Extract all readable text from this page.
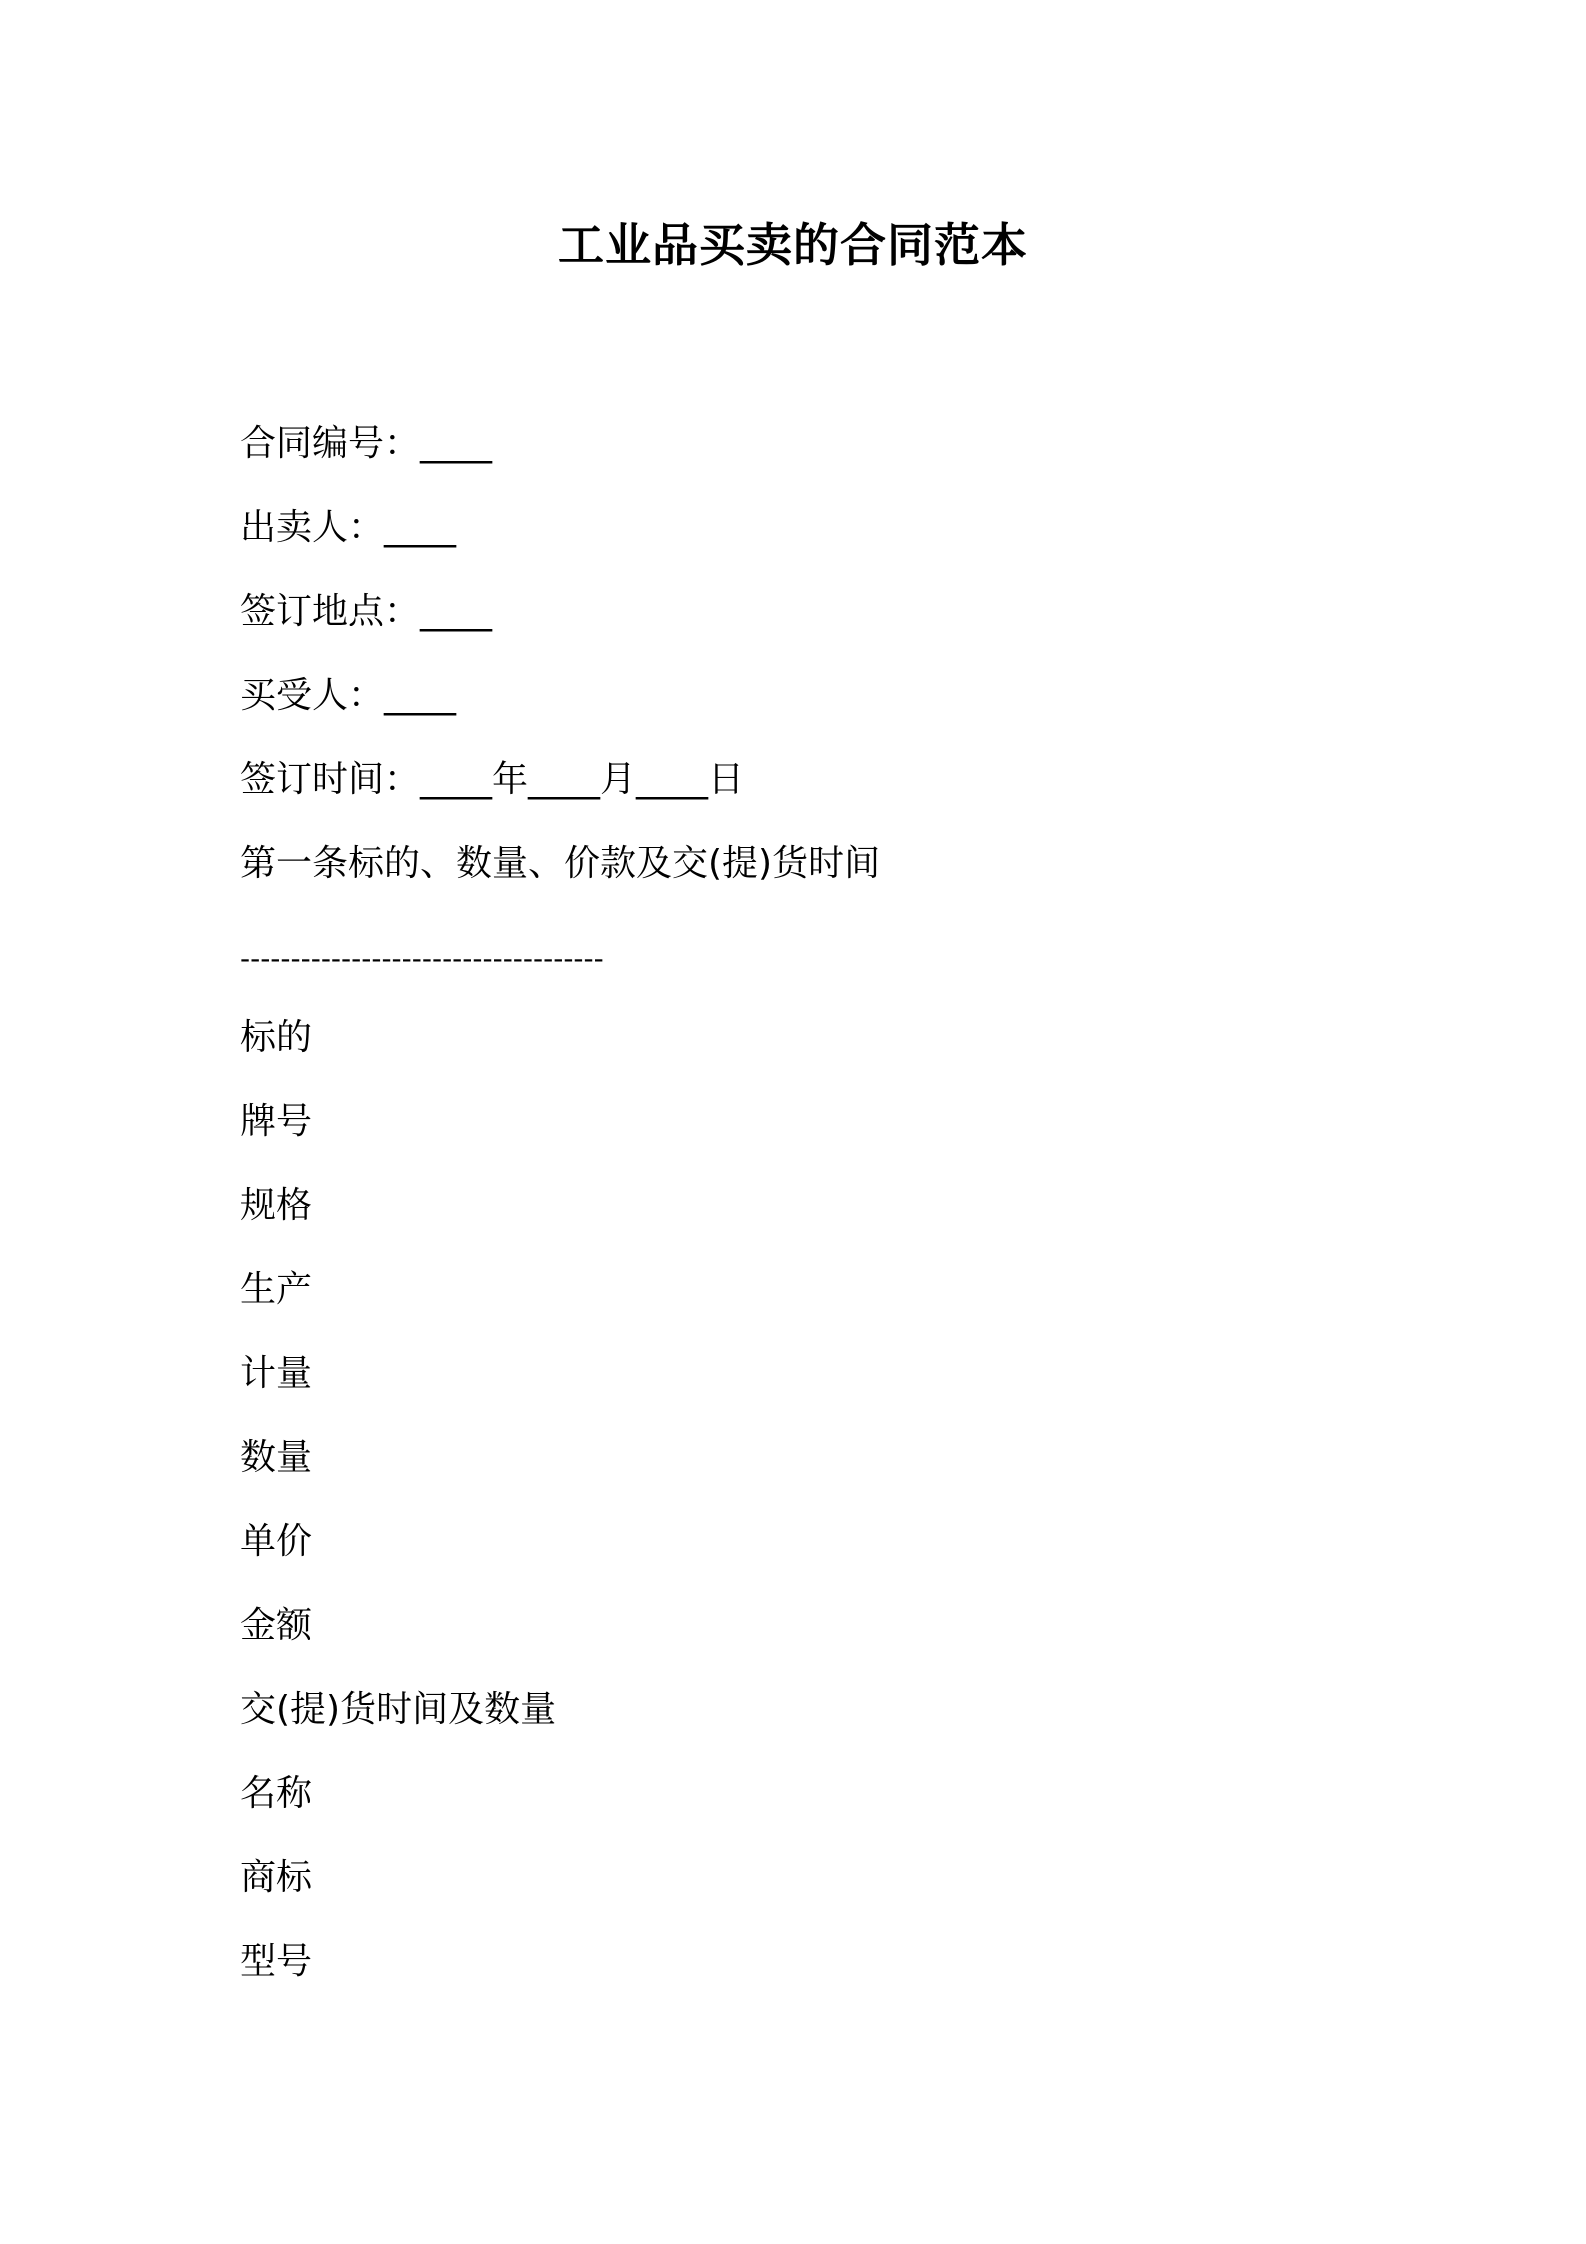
工业品买卖的合同范本
合同编号：____
出卖人：____
签订地点：____
买受人：____
签订时间：____年____月____日
第一条标的、数量、价款及交(提)货时间
------------------------------------
标的
牌号
规格
生产
计量
数量
单价
金额
交(提)货时间及数量
名称
商标
型号
